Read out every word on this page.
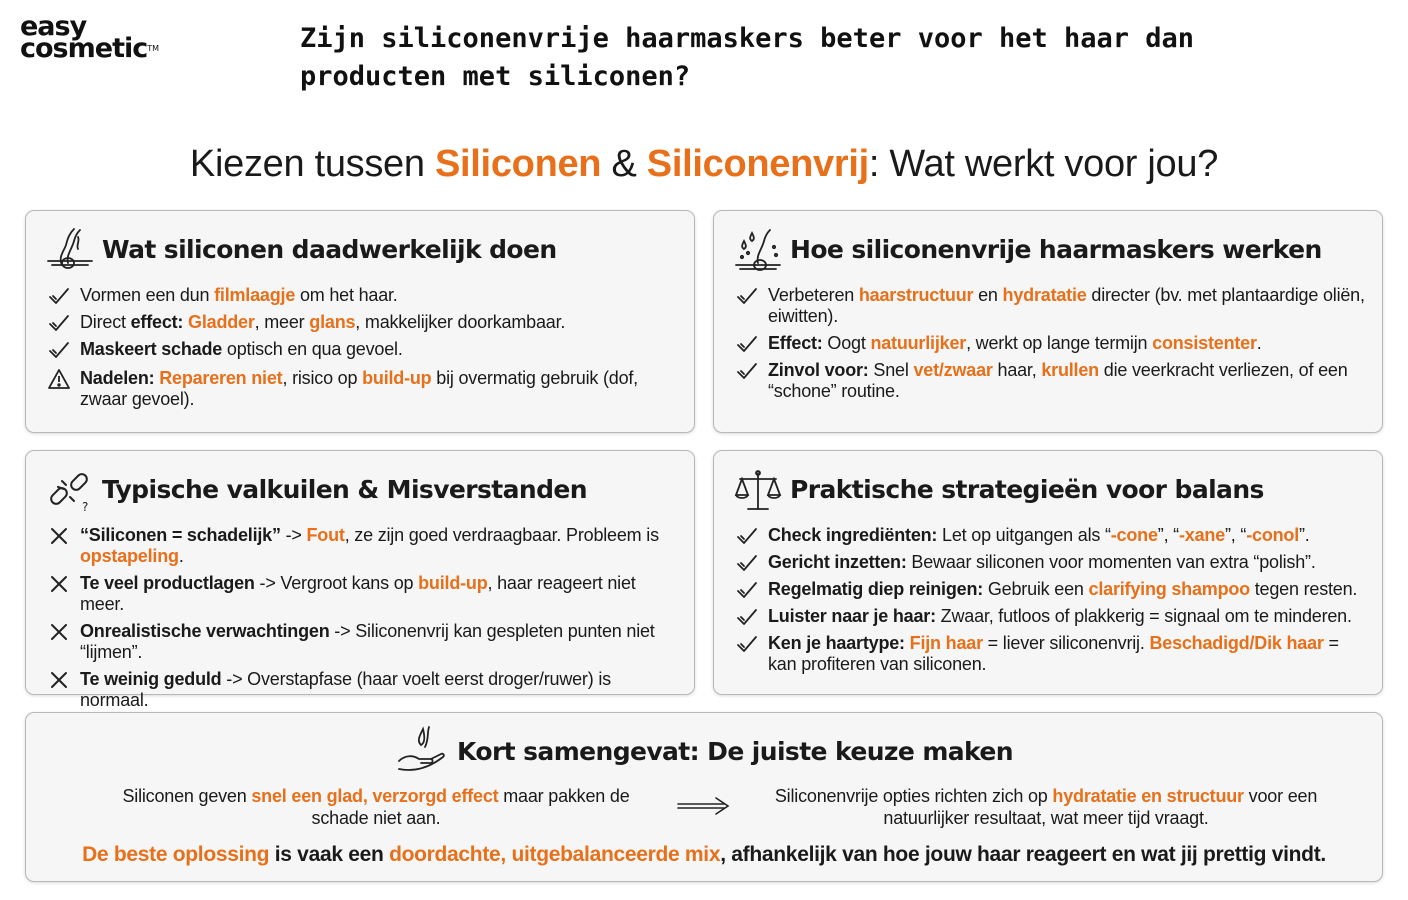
easy
cosmetic™	Zijn siliconenvrije haarmaskers beter voor het haar dan producten met siliconen?
Kiezen tussen Siliconen & Siliconenvrij: Wat werkt voor jou?
Wat siliconen daadwerkelijk doen
Vormen een dun filmlaagje om het haar.
Direct effect: Gladder, meer glans, makkelijker doorkambaar.
Maskeert schade optisch en qua gevoel.
Nadelen: Repareren niet, risico op build-up bij overmatig gebruik (dof, zwaar gevoel).
Hoe siliconenvrije haarmaskers werken
Verbeteren haarstructuur en hydratatie directer (bv. met plantaardige oliën, eiwitten).
Effect: Oogt natuurlijker, werkt op lange termijn consistenter.
Zinvol voor: Snel vet/zwaar haar, krullen die veerkracht verliezen, of een “schone” routine.
?
Typische valkuilen & Misverstanden
“Siliconen = schadelijk” -> Fout, ze zijn goed verdraagbaar. Probleem is opstapeling.
Te veel productlagen -> Vergroot kans op build-up, haar reageert niet meer.
Onrealistische verwachtingen -> Siliconenvrij kan gespleten punten niet “lijmen”.
Te weinig geduld -> Overstapfase (haar voelt eerst droger/ruwer) is normaal.
Praktische strategieën voor balans
Check ingrediënten: Let op uitgangen als “-cone”, “-xane”, “-conol”.
Gericht inzetten: Bewaar siliconen voor momenten van extra “polish”.
Regelmatig diep reinigen: Gebruik een clarifying shampoo tegen resten.
Luister naar je haar: Zwaar, futloos of plakkerig = signaal om te minderen.
Ken je haartype: Fijn haar = liever siliconenvrij. Beschadigd/Dik haar = kan profiteren van siliconen.
Kort samengevat: De juiste keuze maken
Siliconen geven snel een glad, verzorgd effect maar pakken de schade niet aan.
Siliconenvrije opties richten zich op hydratatie en structuur voor een natuurlijker resultaat, wat meer tijd vraagt.
De beste oplossing is vaak een doordachte, uitgebalanceerde mix, afhankelijk van hoe jouw haar reageert en wat jij prettig vindt.
